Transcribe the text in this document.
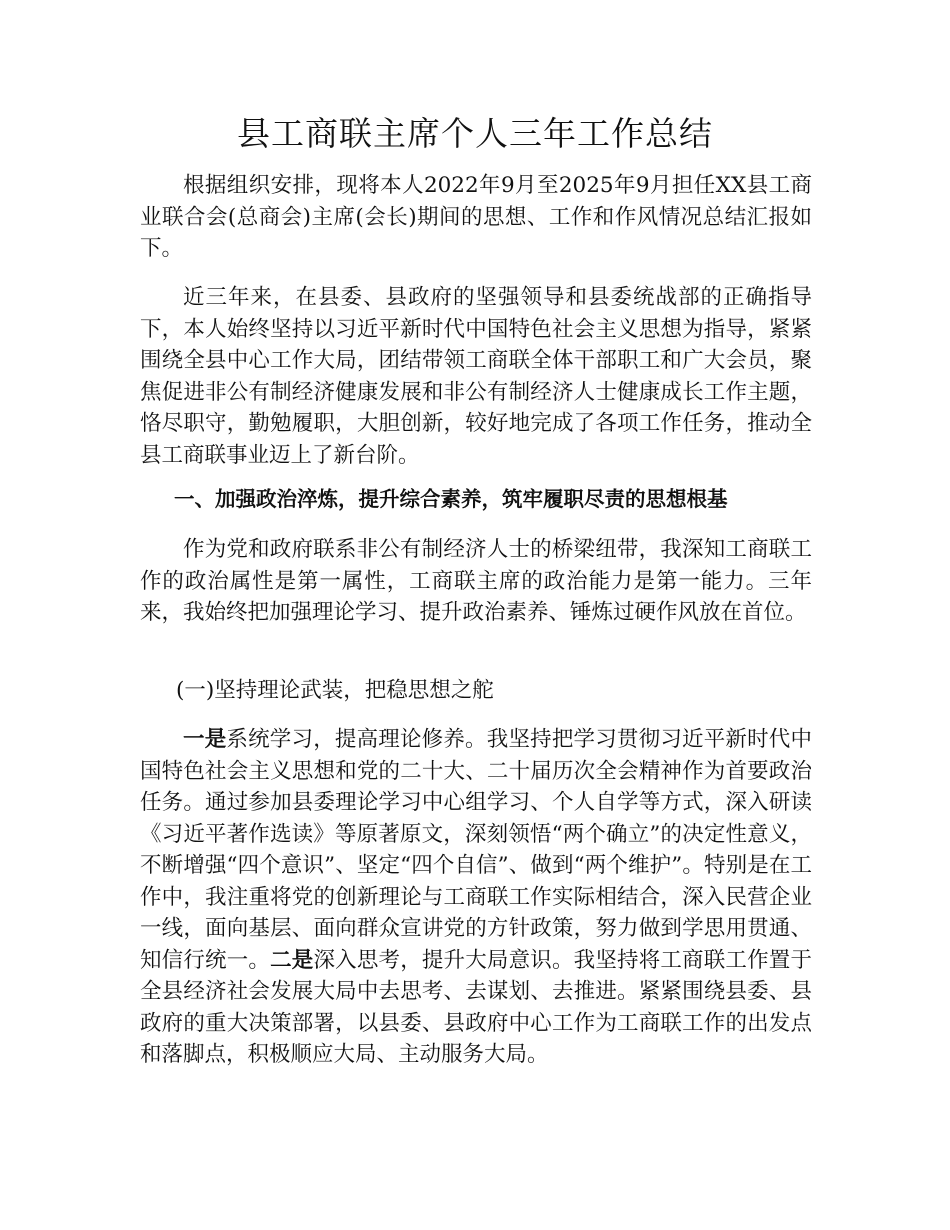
县工商联主席个人三年工作总结

根据组织安排，现将本人2022年9月至2025年9月担任XX县工商业联合会(总商会)主席(会长)期间的思想、工作和作风情况总结汇报如下。

近三年来，在县委、县政府的坚强领导和县委统战部的正确指导下，本人始终坚持以习近平新时代中国特色社会主义思想为指导，紧紧围绕全县中心工作大局，团结带领工商联全体干部职工和广大会员，聚焦促进非公有制经济健康发展和非公有制经济人士健康成长工作主题，恪尽职守，勤勉履职，大胆创新，较好地完成了各项工作任务，推动全县工商联事业迈上了新台阶。

一、加强政治淬炼，提升综合素养，筑牢履职尽责的思想根基

作为党和政府联系非公有制经济人士的桥梁纽带，我深知工商联工作的政治属性是第一属性，工商联主席的政治能力是第一能力。三年来，我始终把加强理论学习、提升政治素养、锤炼过硬作风放在首位。

(一)坚持理论武装，把稳思想之舵

一是系统学习，提高理论修养。我坚持把学习贯彻习近平新时代中国特色社会主义思想和党的二十大、二十届历次全会精神作为首要政治任务。通过参加县委理论学习中心组学习、个人自学等方式，深入研读《习近平著作选读》等原著原文，深刻领悟“两个确立”的决定性意义，不断增强“四个意识”、坚定“四个自信”、做到“两个维护”。特别是在工作中，我注重将党的创新理论与工商联工作实际相结合，深入民营企业一线，面向基层、面向群众宣讲党的方针政策，努力做到学思用贯通、知信行统一。二是深入思考，提升大局意识。我坚持将工商联工作置于全县经济社会发展大局中去思考、去谋划、去推进。紧紧围绕县委、县政府的重大决策部署，以县委、县政府中心工作为工商联工作的出发点和落脚点，积极顺应大局、主动服务大局。
